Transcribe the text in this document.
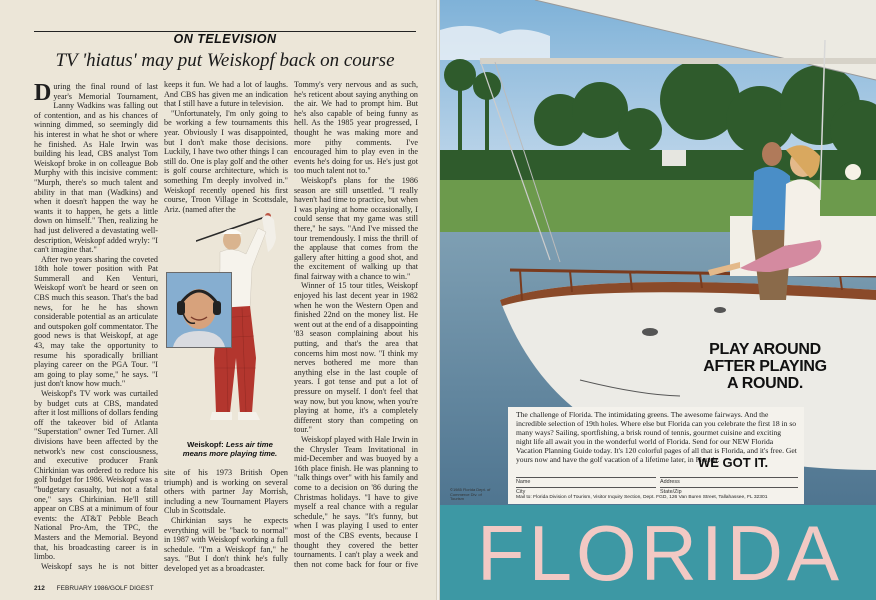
ON TELEVISION
TV 'hiatus' may put Weiskopf back on course

During the final round of last year's Memorial Tournament, Lanny Wadkins was falling out of contention, and as his chances of winning dimmed, so seemingly did his interest in what he shot or where he finished. As Hale Irwin was building his lead, CBS analyst Tom Weiskopf broke in on colleague Bob Murphy with this incisive comment: "Murph, there's so much talent and ability in that man (Wadkins) and when it doesn't happen the way he wants it to happen, he gets a little down on himself." Then, realizing he had just delivered a devastating well-description, Weiskopf added wryly: "I can't imagine that."

After two years sharing the coveted 18th hole tower position with Pat Summerall and Ken Venturi, Weiskopf won't be heard or seen on CBS much this season. That's the bad news, for he he has shown considerable potential as an articulate and outspoken golf commentator. The good news is that Weiskopf, at age 43, may take the opportunity to resume his sporadically brilliant playing career on the PGA Tour. "I am going to play some," he says. "I just don't know how much."

Weiskopf's TV work was curtailed by budget cuts at CBS, mandated after it lost millions of dollars fending off the takeover bid of Atlanta "Superstation" owner Ted Turner. All divisions have been affected by the network's new cost consciousness, and executive producer Frank Chirkinian was ordered to reduce his golf budget for 1986. Weiskopf was a "budgetary casualty, but not a fatal one," says Chirkinian. He'll still appear on CBS at a minimum of four events: the AT&T Pebble Beach National Pro-Am, the TPC, the Masters and the Memorial. Beyond that, his broadcasting career is in limbo.

Weiskopf says he is not bitter

keeps it fun. We had a lot of laughs. And CBS has given me an indication that I still have a future in television.

"Unfortunately, I'm only going to be working a few tournaments this year. Obviously I was disappointed, but I don't make those decisions. Luckily, I have two other things I can still do. One is play golf and the other is golf course architecture, which is something I'm deeply involved in." Weiskopf recently opened his first course, Troon Village in Scottsdale, Ariz. (named after the

Weiskopf: Less air time means more playing time.

site of his 1973 British Open triumph) and is working on several others with partner Jay Morrish, including a new Tournament Players Club in Scottsdale.

Chirkinian says he expects everything will be "back to normal" in 1987 with Weiskopf working a full schedule. "I'm a Weiskopf fan," he says. "But I don't think he's fully developed yet as a broadcaster.

Tommy's very nervous and as such, he's reticent about saying anything on the air. We had to prompt him. But he's also capable of being funny as hell. As the 1985 year progressed, I thought he was making more and more pithy comments. I've encouraged him to play even in the events he's doing for us. He's just got too much talent not to."

Weiskopf's plans for the 1986 season are still unsettled. "I really haven't had time to practice, but when I was playing at home occasionally, I could sense that my game was still there," he says. "And I've missed the tour tremendously. I miss the thrill of the applause that comes from the gallery after hitting a good shot, and the excitement of walking up that final fairway with a chance to win."

Winner of 15 tour titles, Weiskopf enjoyed his last decent year in 1982 when he won the Western Open and finished 22nd on the money list. He went out at the end of a disappointing '83 season complaining about his putting, and that's the area that concerns him most now. "I think my nerves bothered me more than anything else in the last couple of years. I got tense and put a lot of pressure on myself. I don't feel that way now, but you know, when you're playing at home, it's a completely different story than competing on tour."

Weiskopf played with Hale Irwin in the Chrysler Team Invitational in mid-December and was buoyed by a 16th place finish. He was planning to "talk things over" with his family and come to a decision on '86 during the Christmas holidays. "I have to give myself a real chance with a regular schedule," he says. "It's funny, but when I was playing I used to enter most of the CBS events, because I thought they covered the better tournaments. I can't play a week and then not come back for four or five

212 FEBRUARY 1986/GOLF DIGEST
PLAY AROUND
AFTER PLAYING
A ROUND.
The challenge of Florida. The intimidating greens. The awesome fairways. And the incredible selection of 19th holes. Where else but Florida can you celebrate the first 18 in so many ways? Sailing, sportfishing, a brisk round of tennis, gourmet cuisine and exciting night life all await you in the wonderful world of Florida. Send for our NEW Florida Vacation Planning Guide today. It's 120 colorful pages of all that is Florida, and it's free. Get yours now and have the golf vacation of a lifetime later, in Florida.
WE GOT IT.
Name	Address
City	State/Zip
Mail to: Florida Division of Tourism, Visitor Inquiry Section, Dept. FGD, 126 Van Buren Street, Tallahassee, FL 32301
©1985 Florida Dept. of Commerce Div. of Tourism
FLORIDA
